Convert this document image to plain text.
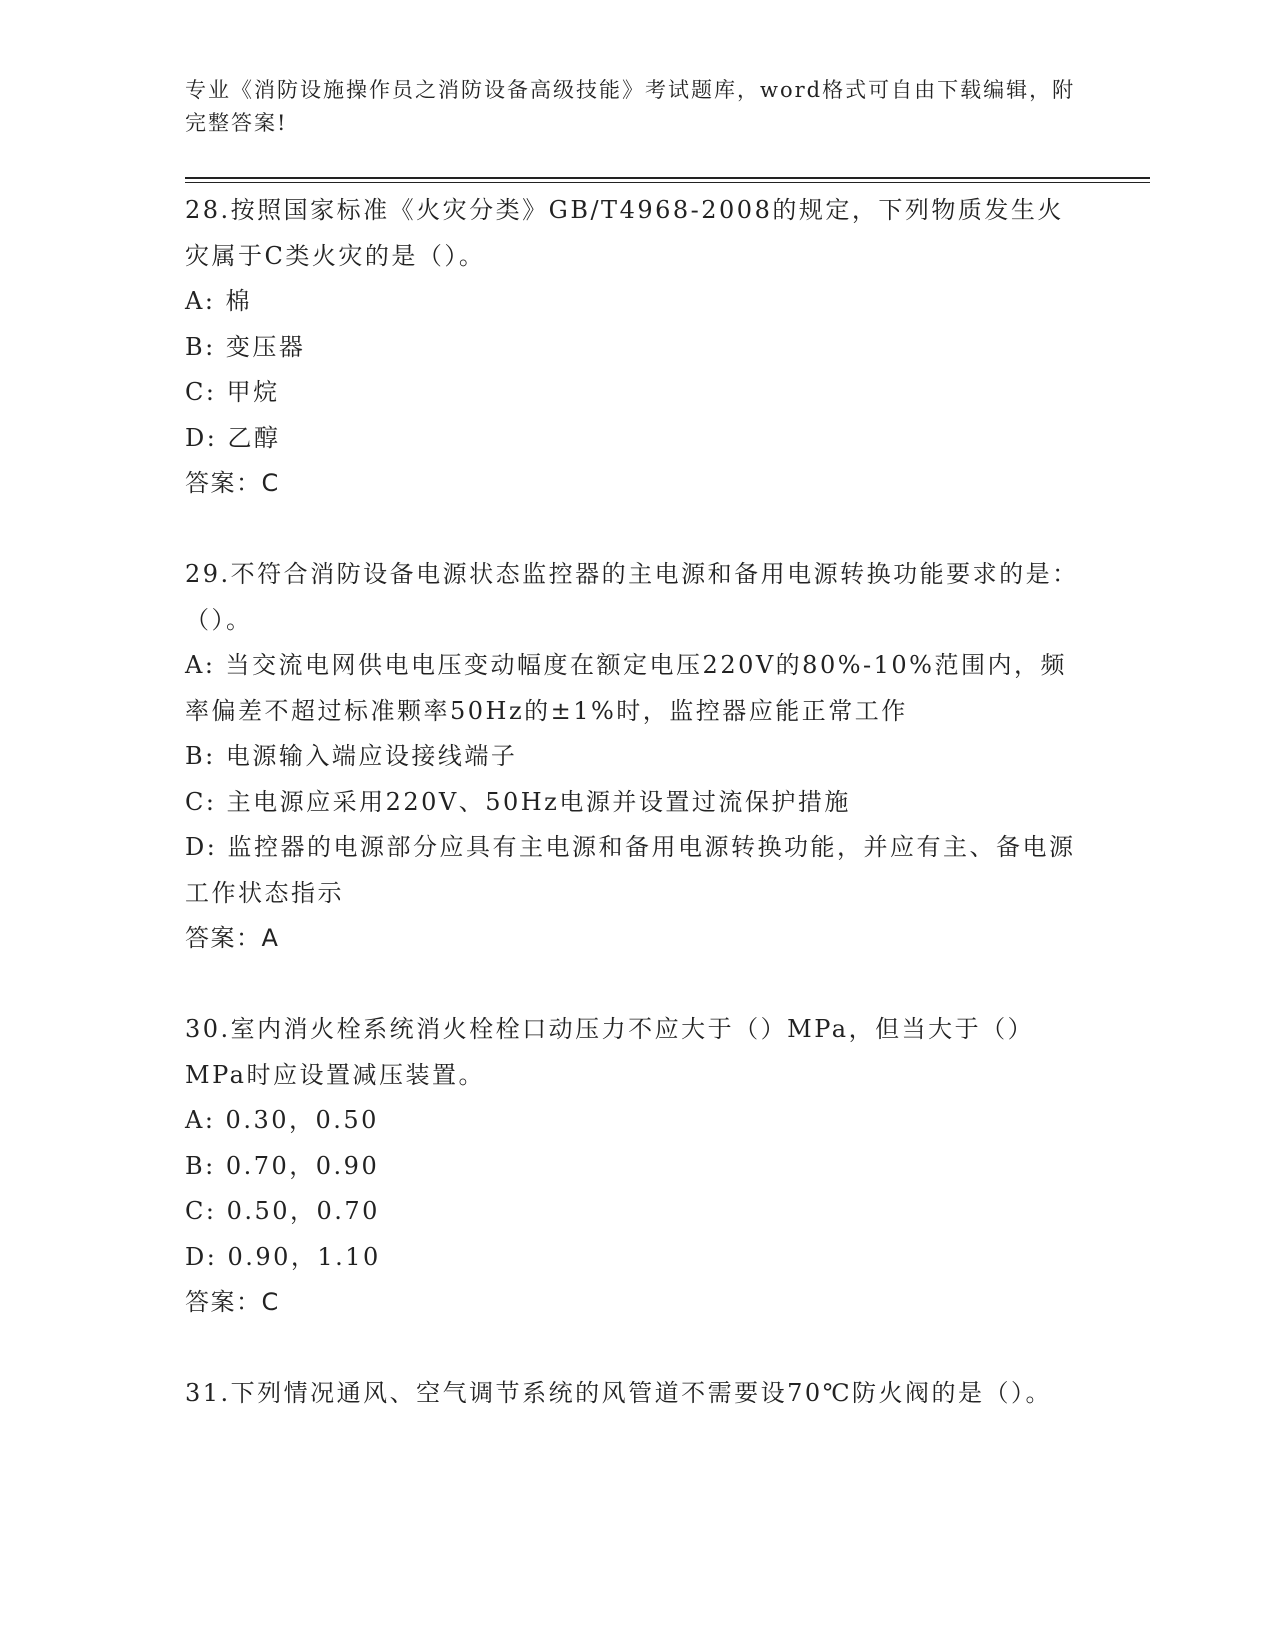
专业《消防设施操作员之消防设备高级技能》考试题库，word格式可自由下载编辑，附完整答案!
28.按照国家标准《火灾分类》GB/T4968-2008的规定，下列物质发生火灾属于C类火灾的是（）。
A: 棉
B: 变压器
C: 甲烷
D: 乙醇
答案：C
29.不符合消防设备电源状态监控器的主电源和备用电源转换功能要求的是：（）。
A: 当交流电网供电电压变动幅度在额定电压220V的80%-10%范围内，频率偏差不超过标准颗率50Hz的±1%时，监控器应能正常工作
B: 电源输入端应设接线端子
C: 主电源应采用220V、50Hz电源并设置过流保护措施
D: 监控器的电源部分应具有主电源和备用电源转换功能，并应有主、备电源工作状态指示
答案：A
30.室内消火栓系统消火栓栓口动压力不应大于（）MPa，但当大于（）MPa时应设置减压装置。
A: 0.30，0.50
B: 0.70，0.90
C: 0.50，0.70
D: 0.90，1.10
答案：C
31.下列情况通风、空气调节系统的风管道不需要设70℃防火阀的是（）。
